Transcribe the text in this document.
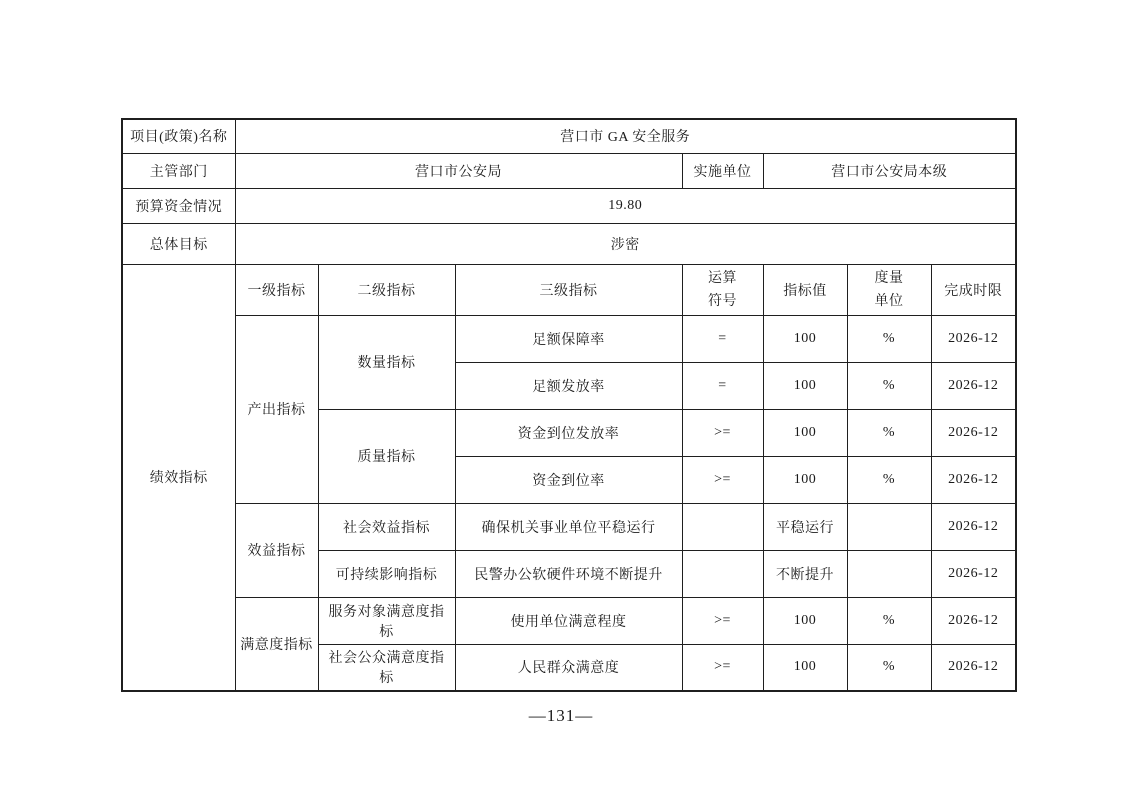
项目(政策)名称	营口市 GA 安全服务						
主管部门	营口市公安局			实施单位	营口市公安局本级		
预算资金情况	19.80						
总体目标	涉密						
绩效指标	一级指标	二级指标	三级指标	运算符号	指标值	度量单位	完成时限
	产出指标	数量指标	足额保障率	=	100	%	2026-12
			足额发放率	=	100	%	2026-12
		质量指标	资金到位发放率	>=	100	%	2026-12
			资金到位率	>=	100	%	2026-12
	效益指标	社会效益指标	确保机关事业单位平稳运行		平稳运行		2026-12
		可持续影响指标	民警办公软硬件环境不断提升		不断提升		2026-12
	满意度指标	服务对象满意度指标	使用单位满意程度	>=	100	%	2026-12
		社会公众满意度指标	人民群众满意度	>=	100	%	2026-12
—131—
